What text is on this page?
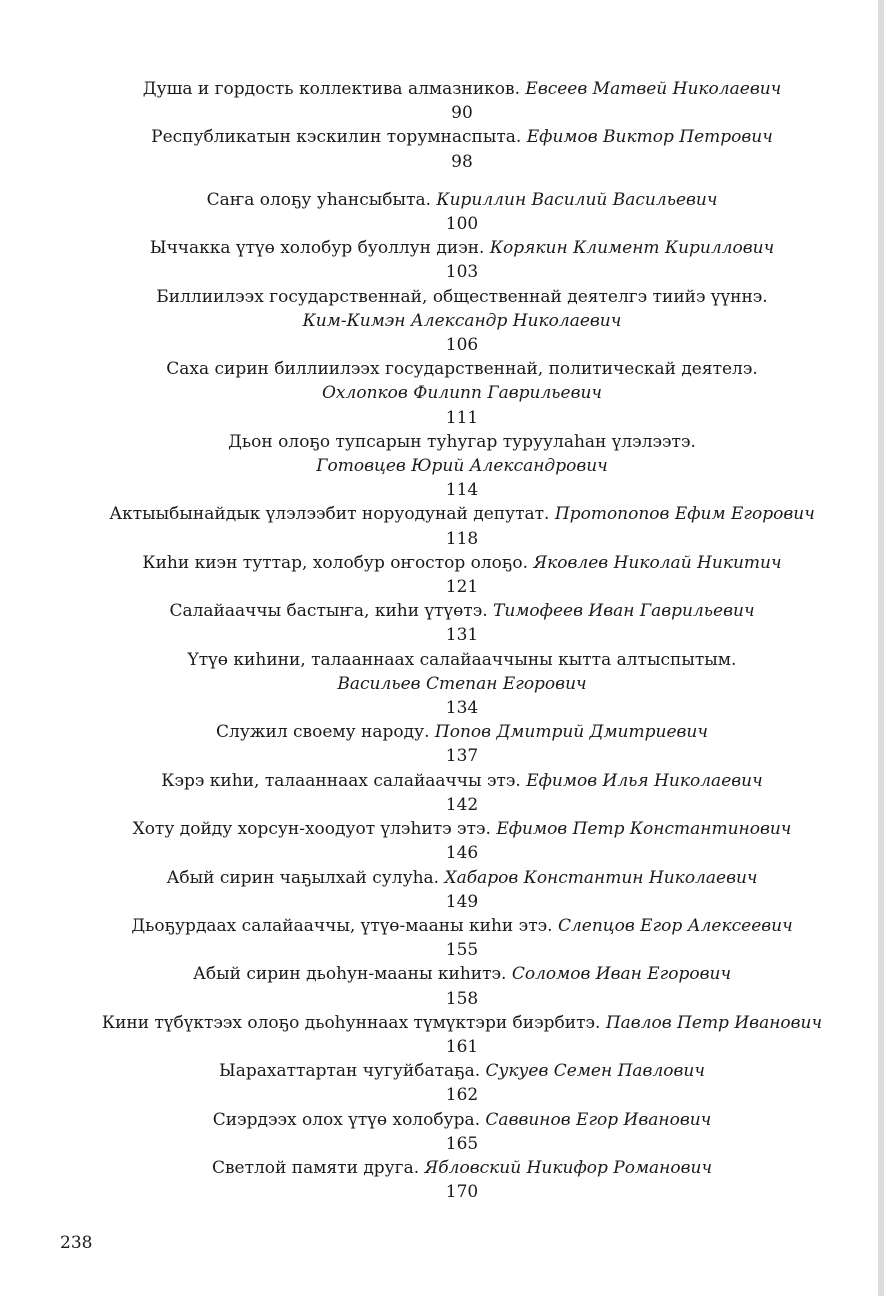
Душа и гордость коллектива алмазников. Евсеев Матвей Николаевич
90
Республикатын кэскилин торумнаспыта. Ефимов Виктор Петрович
98
Саҥа олоҕу уһансыбыта. Кириллин Василий Васильевич
100
Ыччакка үтүө холобур буоллун диэн. Корякин Климент Кириллович
103
Биллиилээх государственнай, общественнай деятелгэ тиийэ үүннэ.
Ким-Кимэн Александр Николаевич
106
Саха сирин биллиилээх государственнай, политическай деятелэ.
Охлопков Филипп Гаврильевич
111
Дьон олоҕо тупсарын туһугар туруулаһан үлэлээтэ.
Готовцев Юрий Александрович
114
Актыыбынайдык үлэлээбит норуодунай депутат. Протопопов Ефим Егорович
118
Киһи киэн туттар, холобур оҥостор олоҕо. Яковлев Николай Никитич
121
Салайааччы бастыҥа, киһи үтүөтэ. Тимофеев Иван Гаврильевич
131
Үтүө киһини, талааннаах салайааччыны кытта алтыспытым.
Васильев Степан Егорович
134
Служил своему народу. Попов Дмитрий Дмитриевич
137
Кэрэ киһи, талааннаах салайааччы этэ. Ефимов Илья Николаевич
142
Хоту дойду хорсун-хоодуот үлэһитэ этэ. Ефимов Петр Константинович
146
Абый сирин чаҕылхай сулуһа. Хабаров Константин Николаевич
149
Дьоҕурдаах салайааччы, үтүө-мааны киһи этэ. Слепцов Егор Алексеевич
155
Абый сирин дьоһун-мааны киһитэ. Соломов Иван Егорович
158
Кини түбүктээх олоҕо дьоһуннаах түмүктэри биэрбитэ. Павлов Петр Иванович
161
Ыарахаттартан чугуйбатаҕа. Сукуев Семен Павлович
162
Сиэрдээх олох үтүө холобура. Саввинов Егор Иванович
165
Светлой памяти друга. Ябловский Никифор Романович
170
238
